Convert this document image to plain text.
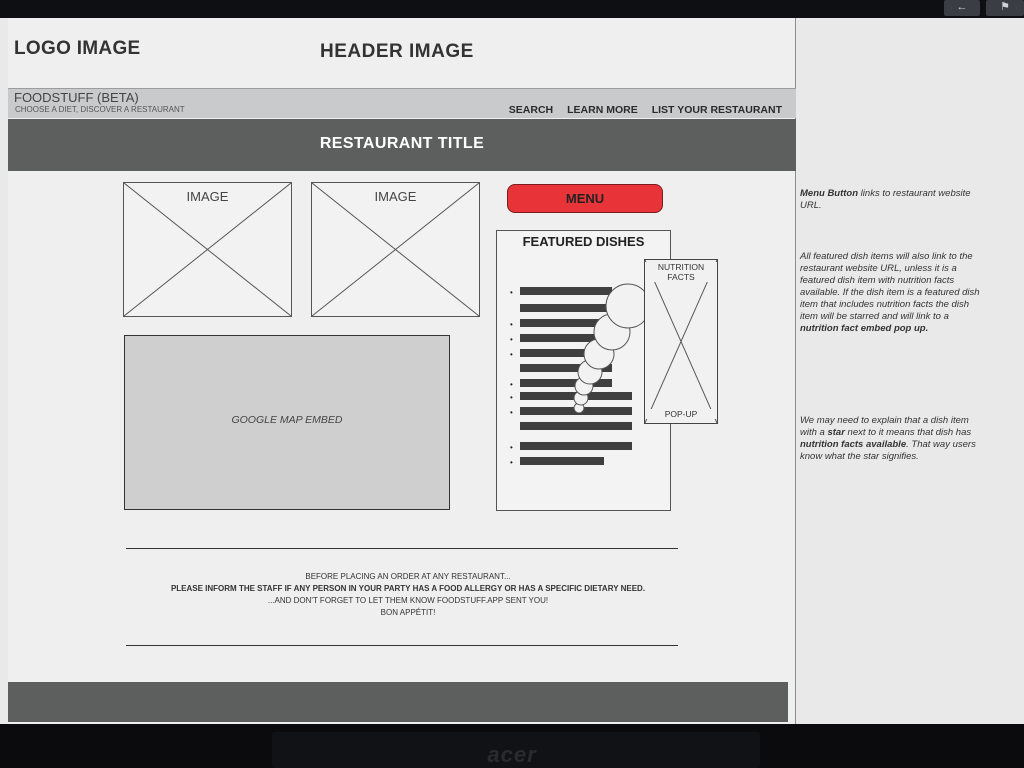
←	⚑
LOGO IMAGE	HEADER IMAGE
FOODSTUFF (BETA)
CHOOSE A DIET, DISCOVER A RESTAURANT	SEARCH LEARN MORE LIST YOUR RESTAURANT
RESTAURANT TITLE
IMAGE	IMAGE
GOOGLE MAP EMBED
MENU
FEATURED DISHES
•
•
•
•
•
•
•
•
•
NUTRITION FACTS
POP-UP
BEFORE PLACING AN ORDER AT ANY RESTAURANT...
PLEASE INFORM THE STAFF IF ANY PERSON IN YOUR PARTY HAS A FOOD ALLERGY OR HAS A SPECIFIC DIETARY NEED.
...AND DON'T FORGET TO LET THEM KNOW FOODSTUFF.APP SENT YOU!
BON APPÉTIT!
Menu Button links to restaurant website URL.
All featured dish items will also link to the restaurant website URL, unless it is a featured dish item with nutrition facts available. If the dish item is a featured dish item that includes nutrition facts the dish item will be starred and will link to a nutrition fact embed pop up.
We may need to explain that a dish item with a star next to it means that dish has nutrition facts available. That way users know what the star signifies.
acer
